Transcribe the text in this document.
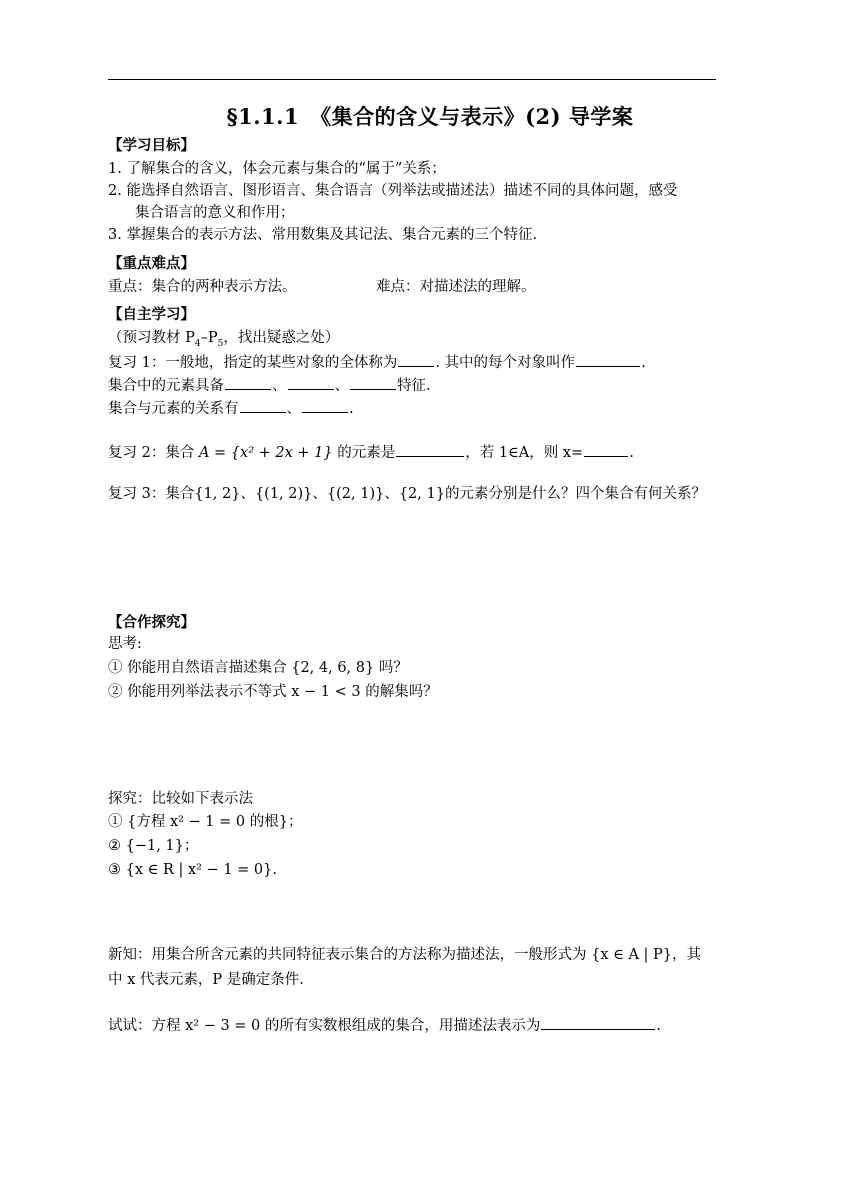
§1.1.1　《集合的含义与表示》(2) 导学案
【学习目标】
1. 了解集合的含义，体会元素与集合的“属于”关系；
2. 能选择自然语言、图形语言、集合语言（列举法或描述法）描述不同的具体问题，感受
集合语言的意义和作用；
3. 掌握集合的表示方法、常用数集及其记法、集合元素的三个特征.
【重点难点】
重点：集合的两种表示方法。	难点：对描述法的理解。
【自主学习】
（预习教材 $P_4-P_5$，找出疑惑之处）
复习 1：一般地，指定的某些对象的全体称为	. 其中的每个对象叫作	.
集合中的元素具备	、	、	特征.
集合与元素的关系有	、	.
复习 2：集合 A = {x² + 2x + 1} 的元素是	，若 1∈A，则 x=	.
复习 3：集合{1, 2}、{(1, 2)}、{(2, 1)}、{2, 1}的元素分别是什么？四个集合有何关系？
【合作探究】
思考:
① 你能用自然语言描述集合 {2, 4, 6, 8} 吗？
② 你能用列举法表示不等式 x − 1 < 3 的解集吗？
探究：比较如下表示法
① {方程 x² − 1 = 0 的根}；
② {−1, 1}；
③ {x ∈ R | x² − 1 = 0}.
新知：用集合所含元素的共同特征表示集合的方法称为描述法，一般形式为 {x ∈ A | P}，其
中 x 代表元素，P 是确定条件.
试试：方程 x² − 3 = 0 的所有实数根组成的集合，用描述法表示为	.
